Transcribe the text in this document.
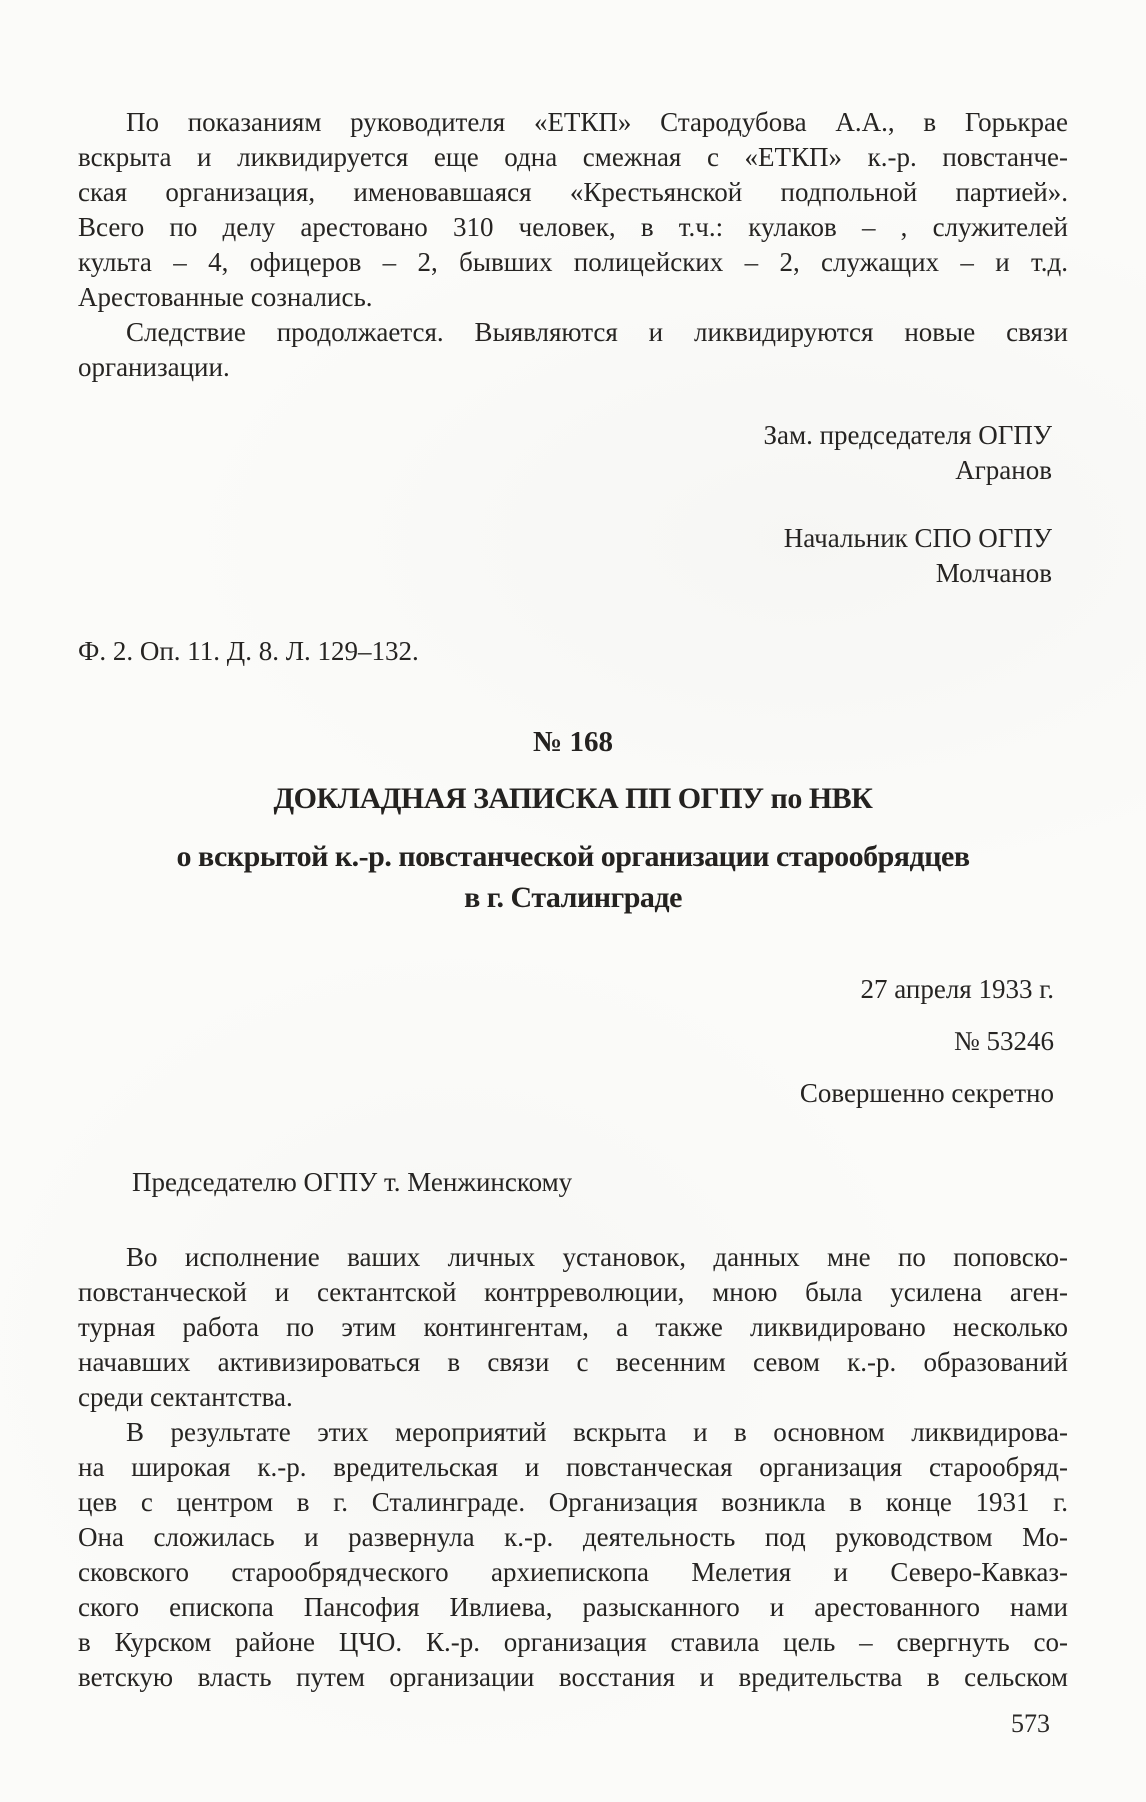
По показаниям руководителя «ЕТКП» Стародубова А.А., в Горькрае
вскрыта и ликвидируется еще одна смежная с «ЕТКП» к.-р. повстанче-
ская организация, именовавшаяся «Крестьянской подпольной партией».
Всего по делу арестовано 310 человек, в т.ч.: кулаков – , служителей
культа – 4, офицеров – 2, бывших полицейских – 2, служащих – и т.д.
Арестованные сознались.
Следствие продолжается. Выявляются и ликвидируются новые связи
организации.
Зам. председателя ОГПУ
Агранов
Начальник СПО ОГПУ
Молчанов
Ф. 2. Оп. 11. Д. 8. Л. 129–132.
№ 168
ДОКЛАДНАЯ ЗАПИСКА ПП ОГПУ по НВК
о вскрытой к.-р. повстанческой организации старообрядцев
в г. Сталинграде
27 апреля 1933 г.
№ 53246
Совершенно секретно
Председателю ОГПУ т. Менжинскому
Во исполнение ваших личных установок, данных мне по поповско-
повстанческой и сектантской контрреволюции, мною была усилена аген-
турная работа по этим контингентам, а также ликвидировано несколько
начавших активизироваться в связи с весенним севом к.-р. образований
среди сектантства.
В результате этих мероприятий вскрыта и в основном ликвидирова-
на широкая к.-р. вредительская и повстанческая организация старообряд-
цев с центром в г. Сталинграде. Организация возникла в конце 1931 г.
Она сложилась и развернула к.-р. деятельность под руководством Мо-
сковского старообрядческого архиепископа Мелетия и Северо-Кавказ-
ского епископа Пансофия Ивлиева, разысканного и арестованного нами
в Курском районе ЦЧО. К.-р. организация ставила цель – свергнуть со-
ветскую власть путем организации восстания и вредительства в сельском
573
